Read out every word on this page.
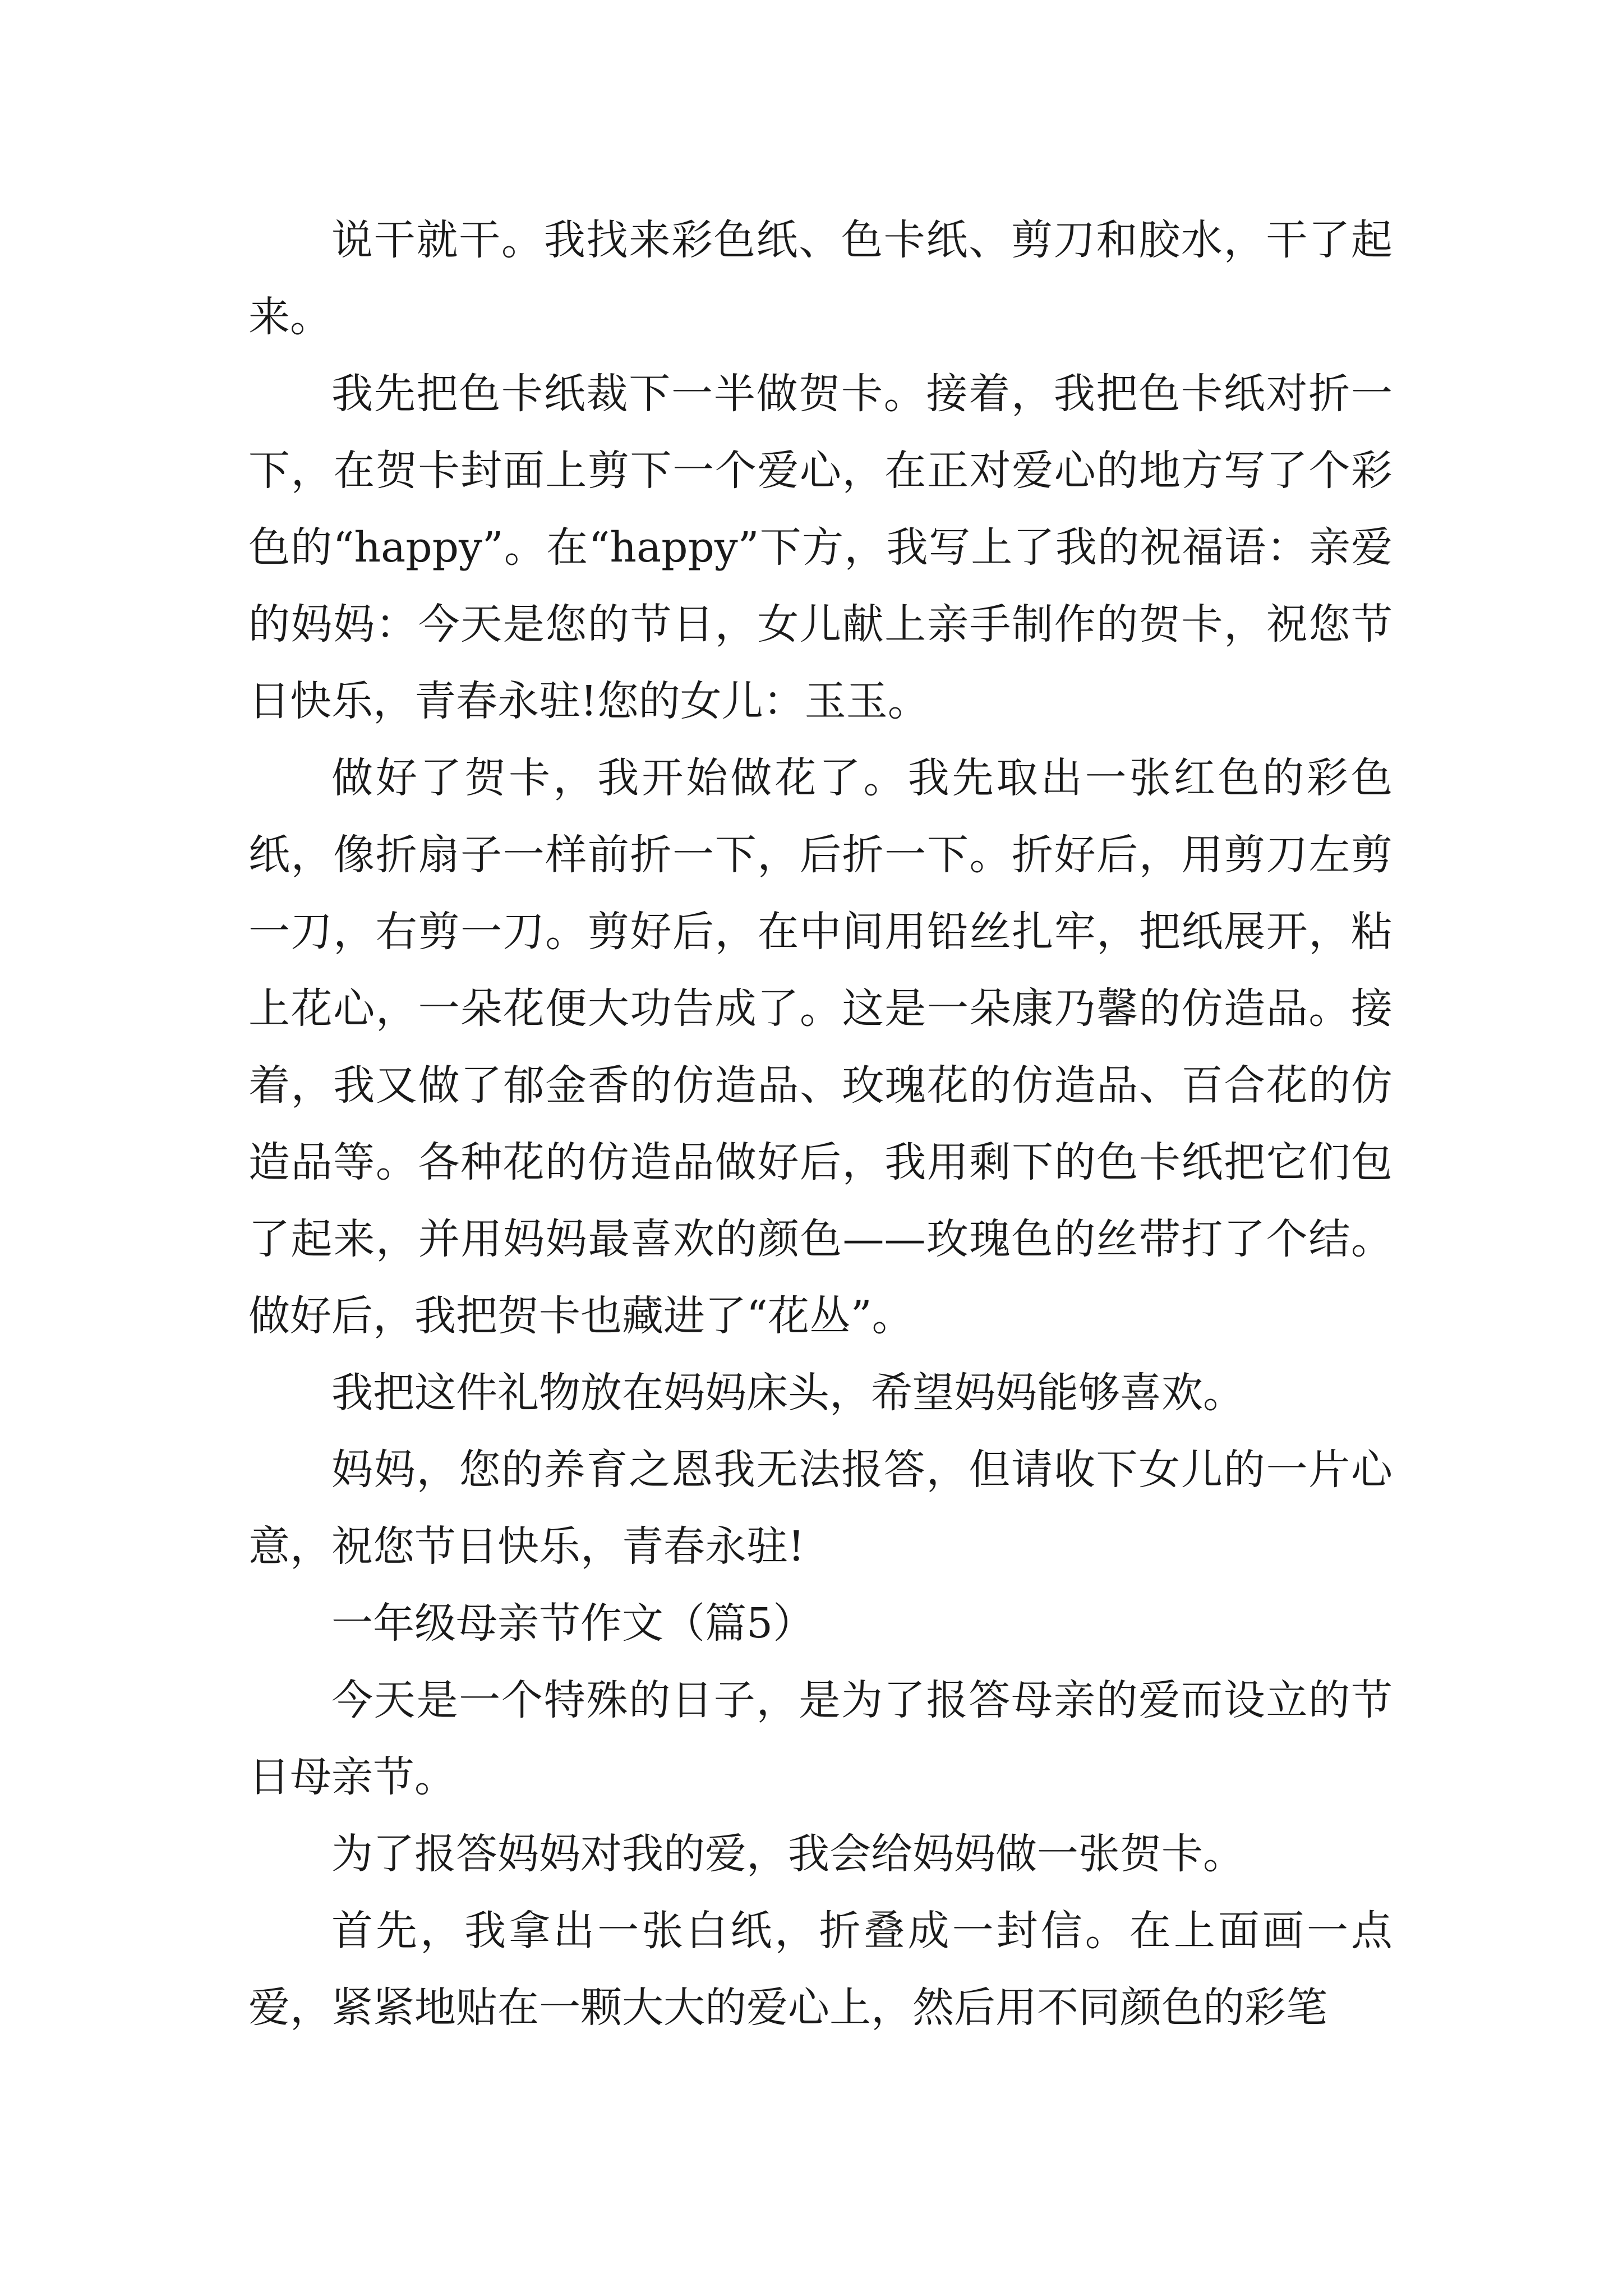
说干就干。我找来彩色纸、色卡纸、剪刀和胶水，干了起来。

我先把色卡纸裁下一半做贺卡。接着，我把色卡纸对折一下，在贺卡封面上剪下一个爱心，在正对爱心的地方写了个彩色的“happy”。在“happy”下方，我写上了我的祝福语：亲爱的妈妈：今天是您的节日，女儿献上亲手制作的贺卡，祝您节日快乐，青春永驻!您的女儿：玉玉。

做好了贺卡，我开始做花了。我先取出一张红色的彩色纸，像折扇子一样前折一下，后折一下。折好后，用剪刀左剪一刀，右剪一刀。剪好后，在中间用铅丝扎牢，把纸展开，粘上花心，一朵花便大功告成了。这是一朵康乃馨的仿造品。接着，我又做了郁金香的仿造品、玫瑰花的仿造品、百合花的仿造品等。各种花的仿造品做好后，我用剩下的色卡纸把它们包了起来，并用妈妈最喜欢的颜色——玫瑰色的丝带打了个结。做好后，我把贺卡也藏进了“花丛”。

我把这件礼物放在妈妈床头，希望妈妈能够喜欢。

妈妈，您的养育之恩我无法报答，但请收下女儿的一片心意，祝您节日快乐，青春永驻!

一年级母亲节作文（篇5）

今天是一个特殊的日子，是为了报答母亲的爱而设立的节日母亲节。

为了报答妈妈对我的爱，我会给妈妈做一张贺卡。

首先，我拿出一张白纸，折叠成一封信。在上面画一点爱，紧紧地贴在一颗大大的爱心上，然后用不同颜色的彩笔
